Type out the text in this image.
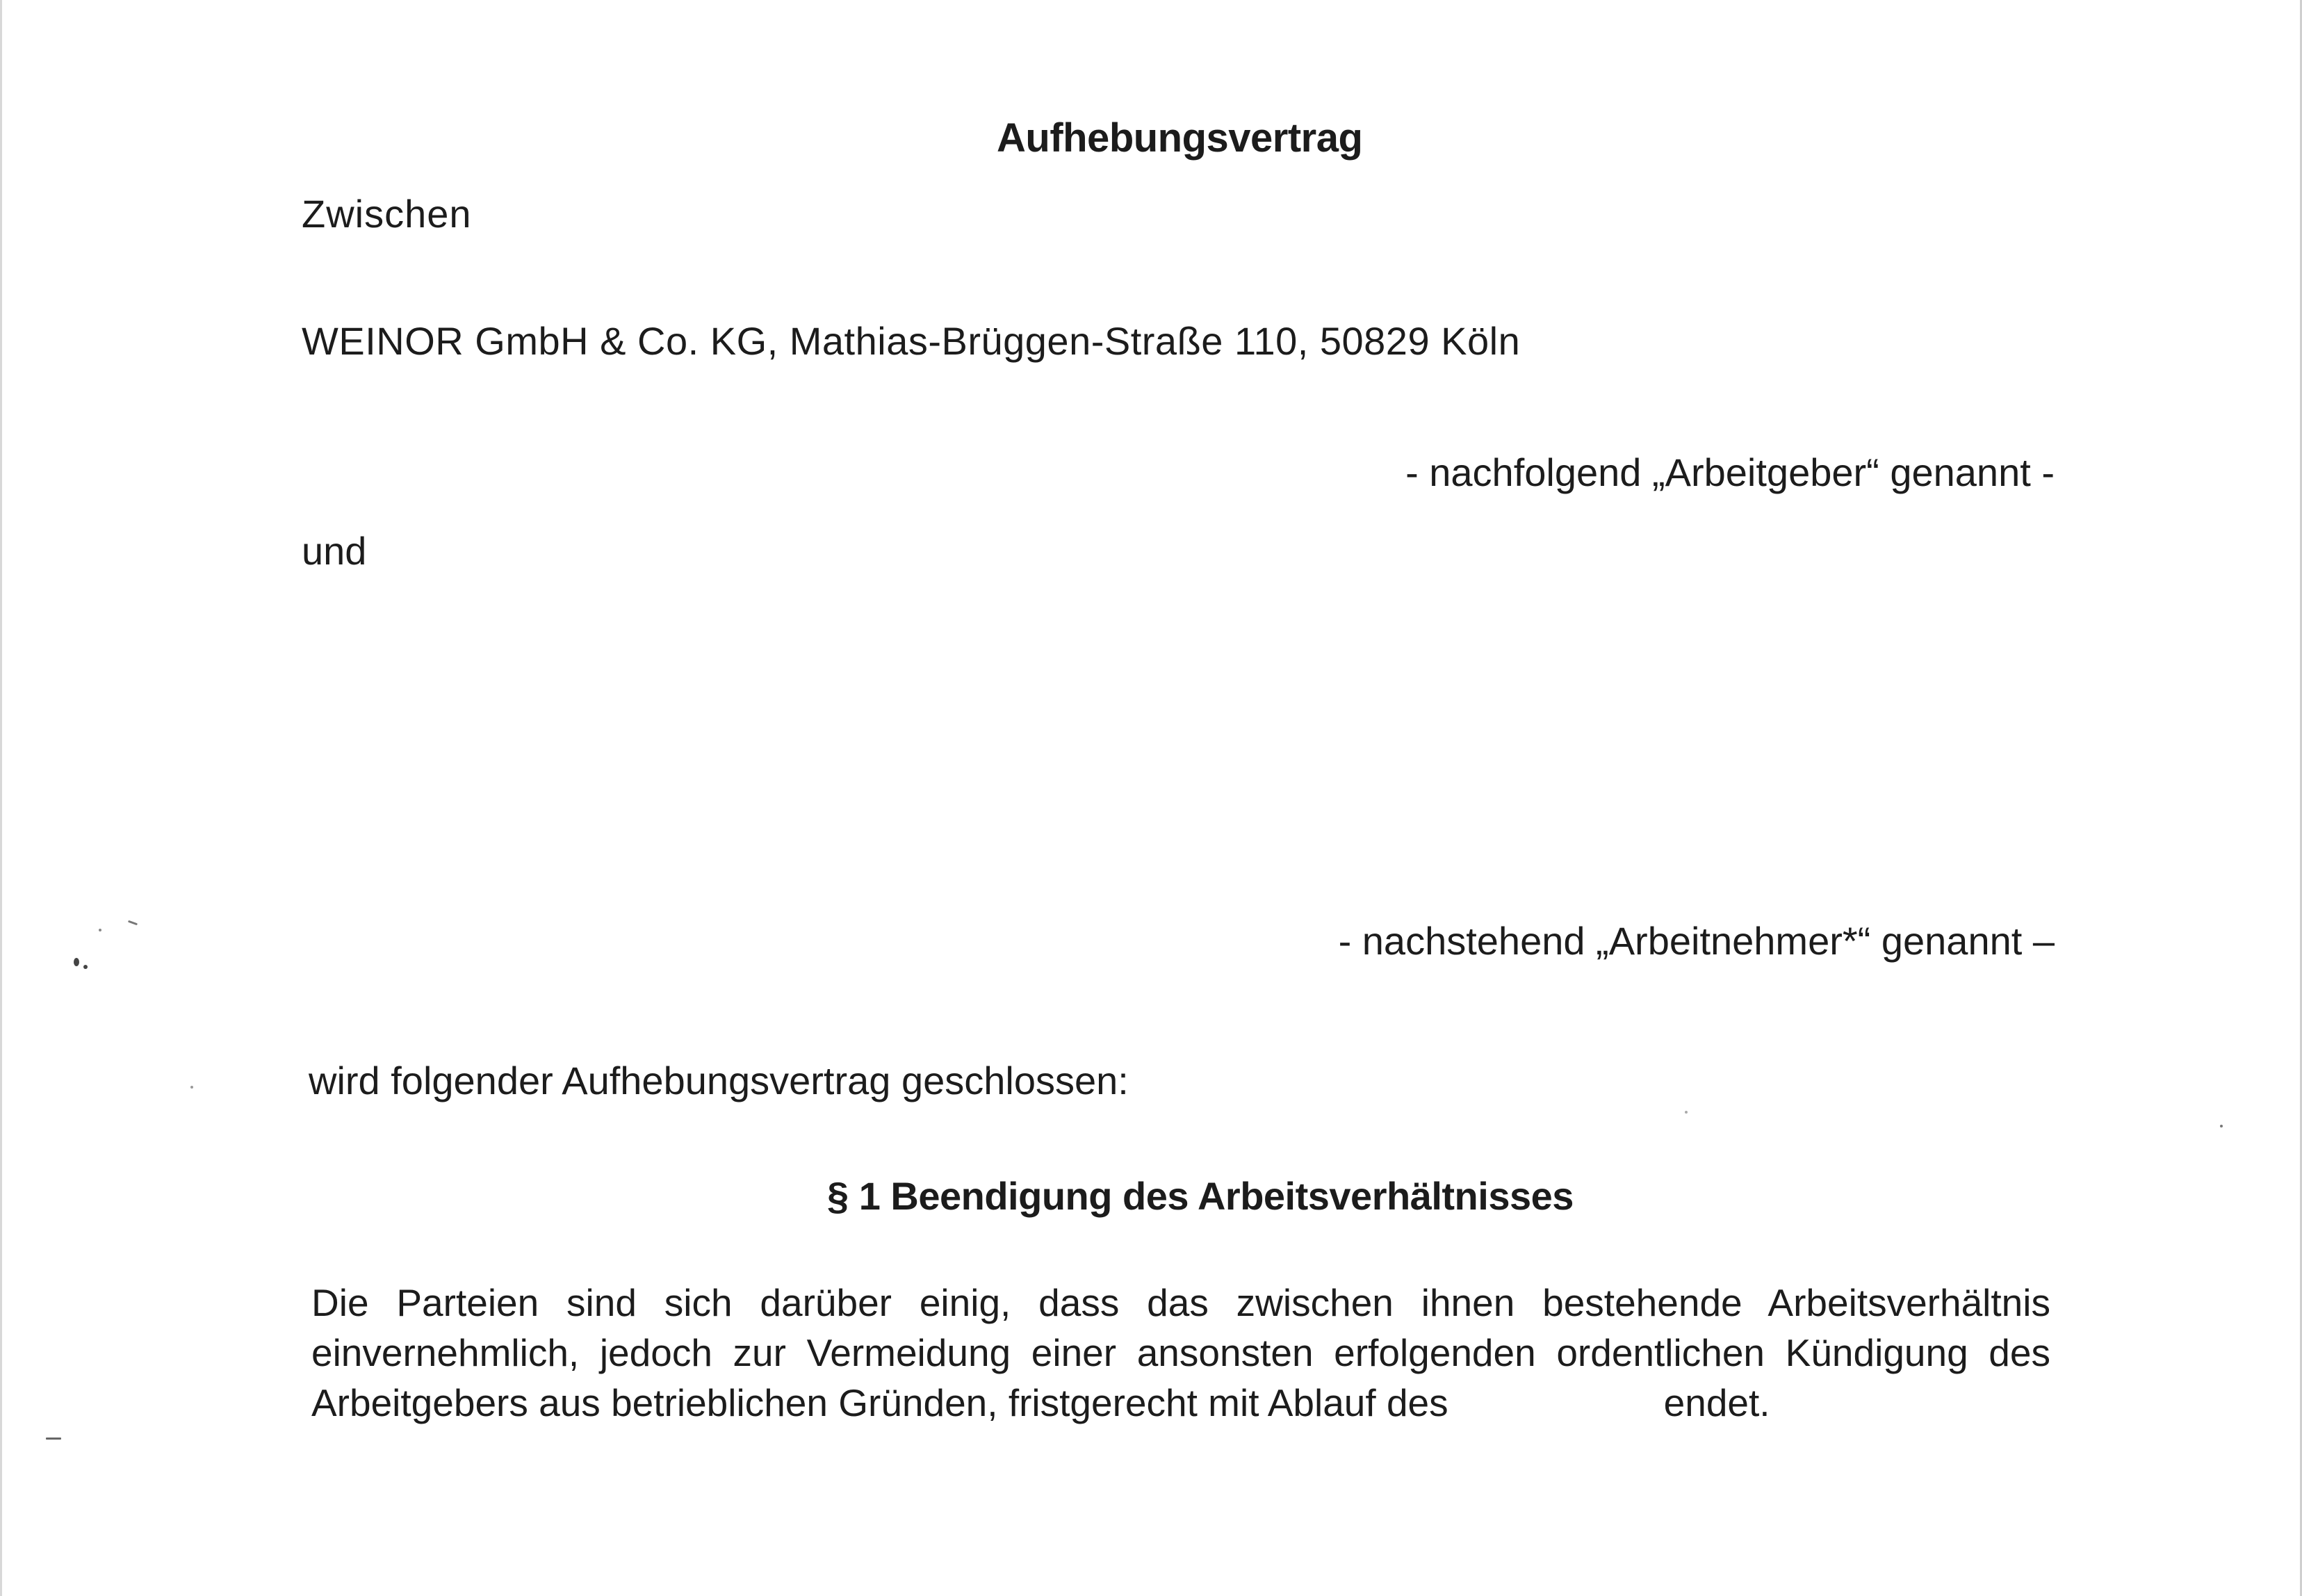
Aufhebungsvertrag
Zwischen
WEINOR GmbH & Co. KG, Mathias-Brüggen-Straße 110, 50829 Köln
- nachfolgend „Arbeitgeber“ genannt -
und
- nachstehend „Arbeitnehmer*“ genannt –
wird folgender Aufhebungsvertrag geschlossen:
§ 1 Beendigung des Arbeitsverhältnisses
Die Parteien sind sich darüber einig, dass das zwischen ihnen bestehende Arbeitsverhältnis
einvernehmlich, jedoch zur Vermeidung einer ansonsten erfolgenden ordentlichen Kündigung des
Arbeitgebers aus betrieblichen Gründen, fristgerecht mit Ablauf des	endet.
